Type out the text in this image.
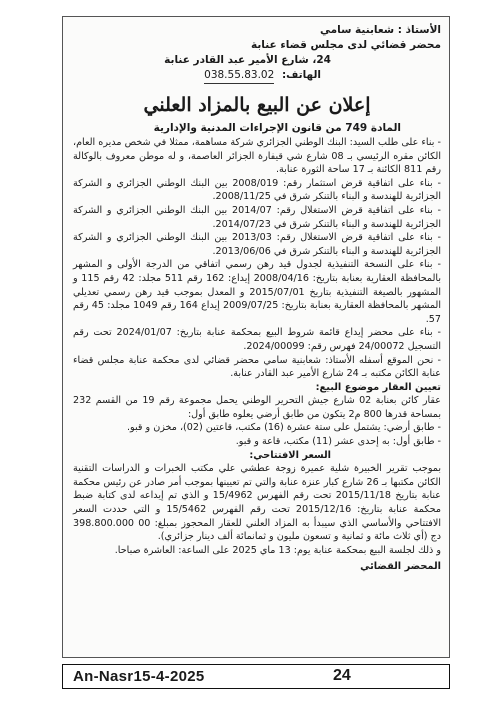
الأستاذ : شعابنية سامي
محضر قضائي لدى مجلس قضاء عنابة
24، شارع الأمير عبد القادر عنابة
الهاتف: 038.55.83.02
إعلان عن البيع بالمزاد العلني
المادة 749 من قانون الإجراءات المدنية والإدارية

- بناء على طلب السيد: البنك الوطني الجزائري شركة مساهمة، ممثلا في شخص مديره العام، الكائن مقره الرئيسي بـ 08 شارع شي قيفارة الجزائر العاصمة، و له موطن معروف بالوكالة رقم 811 الكائنة بـ 17 ساحة الثورة عنابة.

- بناء على اتفاقية قرض استثمار رقم: 2008/019 بين البنك الوطني الجزائري و الشركة الجزائرية للهندسة و البناء بالتنكر شرق في 2008/11/25.

- بناء على اتفاقية قرض الاستغلال رقم: 2014/07 بين البنك الوطني الجزائري و الشركة الجزائرية للهندسة و البناء بالتنكر شرق في 2014/07/23.

- بناء على اتفاقية قرض الاستغلال رقم: 2013/03 بين البنك الوطني الجزائري و الشركة الجزائرية للهندسة و البناء بالتنكر شرق في 2013/06/06.

- بناء على النسخة التنفيذية لجدول قيد رهن رسمي اتفاقي من الدرجة الأولى و المشهر بالمحافظة العقارية بعنابة بتاريخ: 2008/04/16 إيداع: 162 رقم 511 مجلد: 42 رقم 115 و المشهور بالصيغة التنفيذية بتاريخ 2015/07/01 و المعدل بموجب قيد رهن رسمي تعديلي المشهر بالمحافظة العقارية بعنابة بتاريخ: 2009/07/25 إيداع 164 رقم 1049 مجلد: 45 رقم 57.

- بناء على محضر إيداع قائمة شروط البيع بمحكمة عنابة بتاريخ: 2024/01/07 تحت رقم التسجيل 24/00072 فهرس رقم: 2024/00099.

- نحن الموقع أسفله الأستاذ: شعابنية سامي محضر قضائي لدى محكمة عنابة مجلس قضاء عنابة الكائن مكتبه بـ 24 شارع الأمير عبد القادر عنابة.

تعيين العقار موضوع البيع:

عقار كائن بعنابة 02 شارع جيش التحرير الوطني يحمل مجموعة رقم 19 من القسم 232 بمساحة قدرها 800 م2 يتكون من طابق أرضي يعلوه طابق أول:

- طابق أرضي: يشتمل على ستة عشرة (16) مكتب، قاعتين (02)، مخزن و قبو.

- طابق أول: به إحدى عشر (11) مكتب، قاعة و قبو.

السعر الافتتاحي:

بموجب تقرير الخبيرة شلية عميرة زوجة عطشي علي مكتب الخبرات و الدراسات التقنية الكائن مكتبها بـ 26 شارع كبار عنزة عنابة والتي تم تعيينها بموجب أمر صادر عن رئيس محكمة عنابة بتاريخ 2015/11/18 تحت رقم الفهرس 15/4962 و الذي تم إيداعه لدى كتابة ضبط محكمة عنابة بتاريخ: 2015/12/16 تحت رقم الفهرس 15/5462 و التي حددت السعر الافتتاحي والأساسي الذي سيبدأ به المزاد العلني للعقار المحجوز بمبلغ: 00 398.800.000 دج (أي ثلاث مائة و ثمانية و تسعون مليون و ثمانمائة ألف دينار جزائري).

و ذلك لجلسة البيع بمحكمة عنابة يوم: 13 ماي 2025 على الساعة: العاشرة صباحا.

المحضر القضائي
An-Nasr15-4-2025	24
